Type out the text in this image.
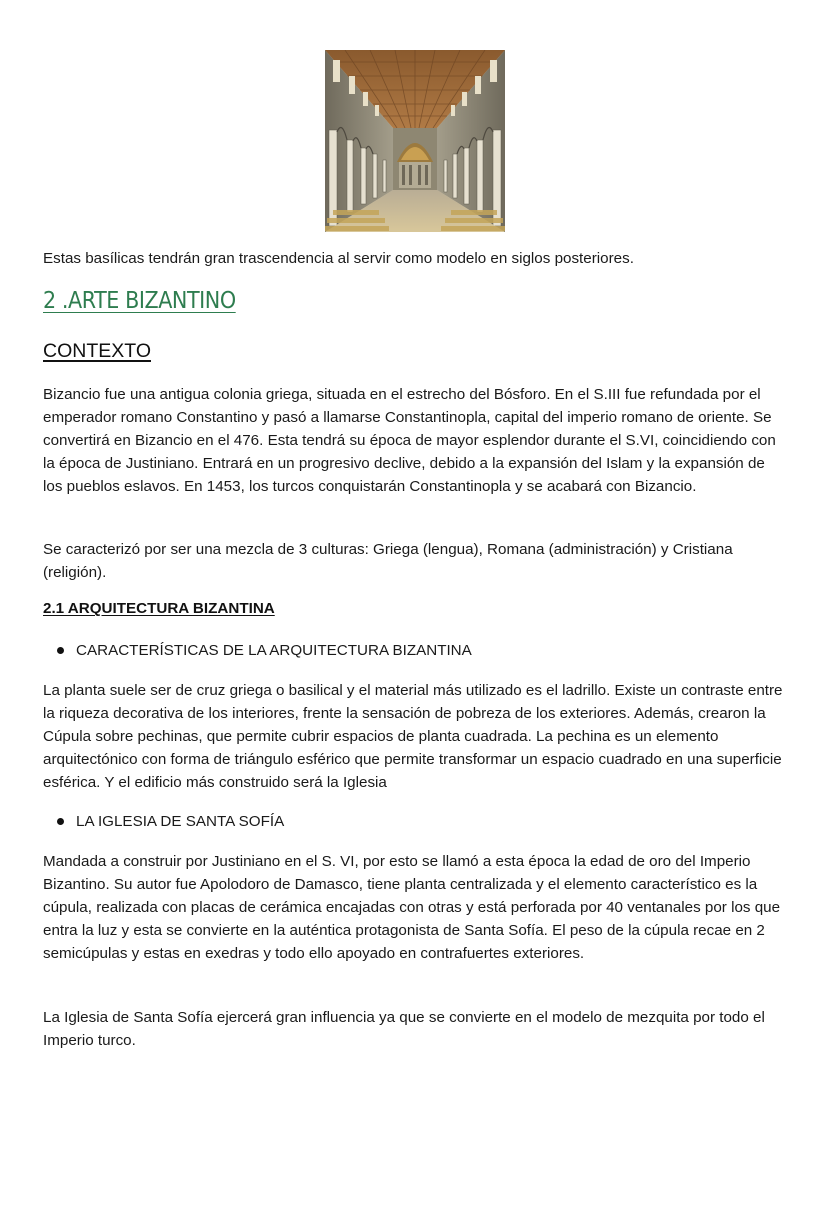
Estas basílicas tendrán gran trascendencia al servir como modelo en siglos posteriores.

2 .ARTE BIZANTINO
CONTEXTO

Bizancio fue una antigua colonia griega, situada en el estrecho del Bósforo. En el S.III fue refundada por el emperador romano Constantino y pasó a llamarse Constantinopla, capital del imperio romano de oriente. Se convertirá en Bizancio en el 476. Esta tendrá su época de mayor esplendor durante el S.VI, coincidiendo con la época de Justiniano. Entrará en un progresivo declive, debido a la expansión del Islam y la expansión de los pueblos eslavos. En 1453, los turcos conquistarán Constantinopla y se acabará con Bizancio.

Se caracterizó por ser una mezcla de 3 culturas: Griega (lengua), Romana (administración) y Cristiana (religión).

2.1 ARQUITECTURA BIZANTINA
CARACTERÍSTICAS DE LA ARQUITECTURA BIZANTINA

La planta suele ser de cruz griega o basilical y el material más utilizado es el ladrillo. Existe un contraste entre la riqueza decorativa de los interiores, frente la sensación de pobreza de los exteriores. Además, crearon la Cúpula sobre pechinas, que permite cubrir espacios de planta cuadrada. La pechina es un elemento arquitectónico con forma de triángulo esférico que permite transformar un espacio cuadrado en una superficie esférica. Y el edificio más construido será la Iglesia

LA IGLESIA DE SANTA SOFÍA

Mandada a construir por Justiniano en el S. VI, por esto se llamó a esta época la edad de oro del Imperio Bizantino. Su autor fue Apolodoro de Damasco, tiene planta centralizada y el elemento característico es la cúpula, realizada con placas de cerámica encajadas con otras y está perforada por 40 ventanales por los que entra la luz y esta se convierte en la auténtica protagonista de Santa Sofía. El peso de la cúpula recae en 2 semicúpulas y estas en exedras y todo ello apoyado en contrafuertes exteriores.

La Iglesia de Santa Sofía ejercerá gran influencia ya que se convierte en el modelo de mezquita por todo el Imperio turco.
